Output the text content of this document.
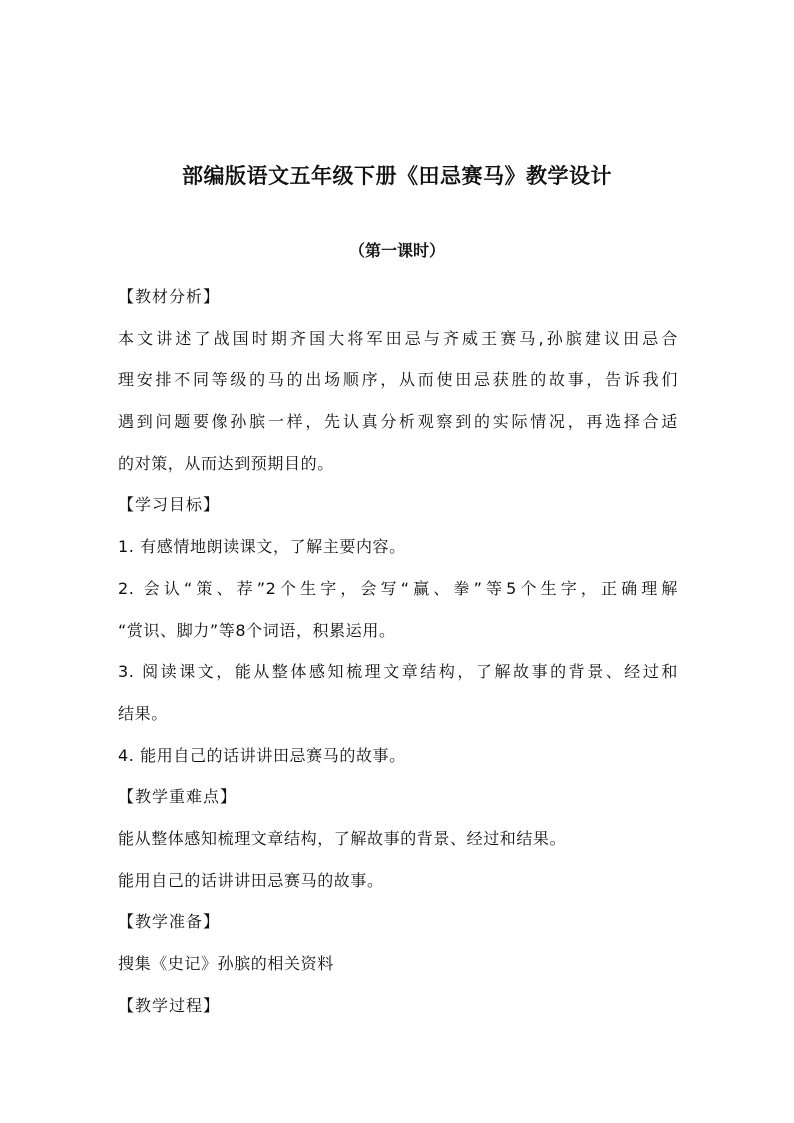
部编版语文五年级下册《田忌赛马》教学设计
（第一课时）
【教材分析】
本文讲述了战国时期齐国大将军田忌与齐威王赛马,孙膑建议田忌合
理安排不同等级的马的出场顺序，从而使田忌获胜的故事，告诉我们
遇到问题要像孙膑一样，先认真分析观察到的实际情况，再选择合适
的对策，从而达到预期目的。
【学习目标】
1. 有感情地朗读课文，了解主要内容。
2. 会认“策、荐”2个生字，会写“赢、拳”等5个生字，正确理解
“赏识、脚力”等8个词语，积累运用。
3. 阅读课文，能从整体感知梳理文章结构，了解故事的背景、经过和
结果。
4. 能用自己的话讲讲田忌赛马的故事。
【教学重难点】
能从整体感知梳理文章结构，了解故事的背景、经过和结果。
能用自己的话讲讲田忌赛马的故事。
【教学准备】
搜集《史记》孙膑的相关资料
【教学过程】
